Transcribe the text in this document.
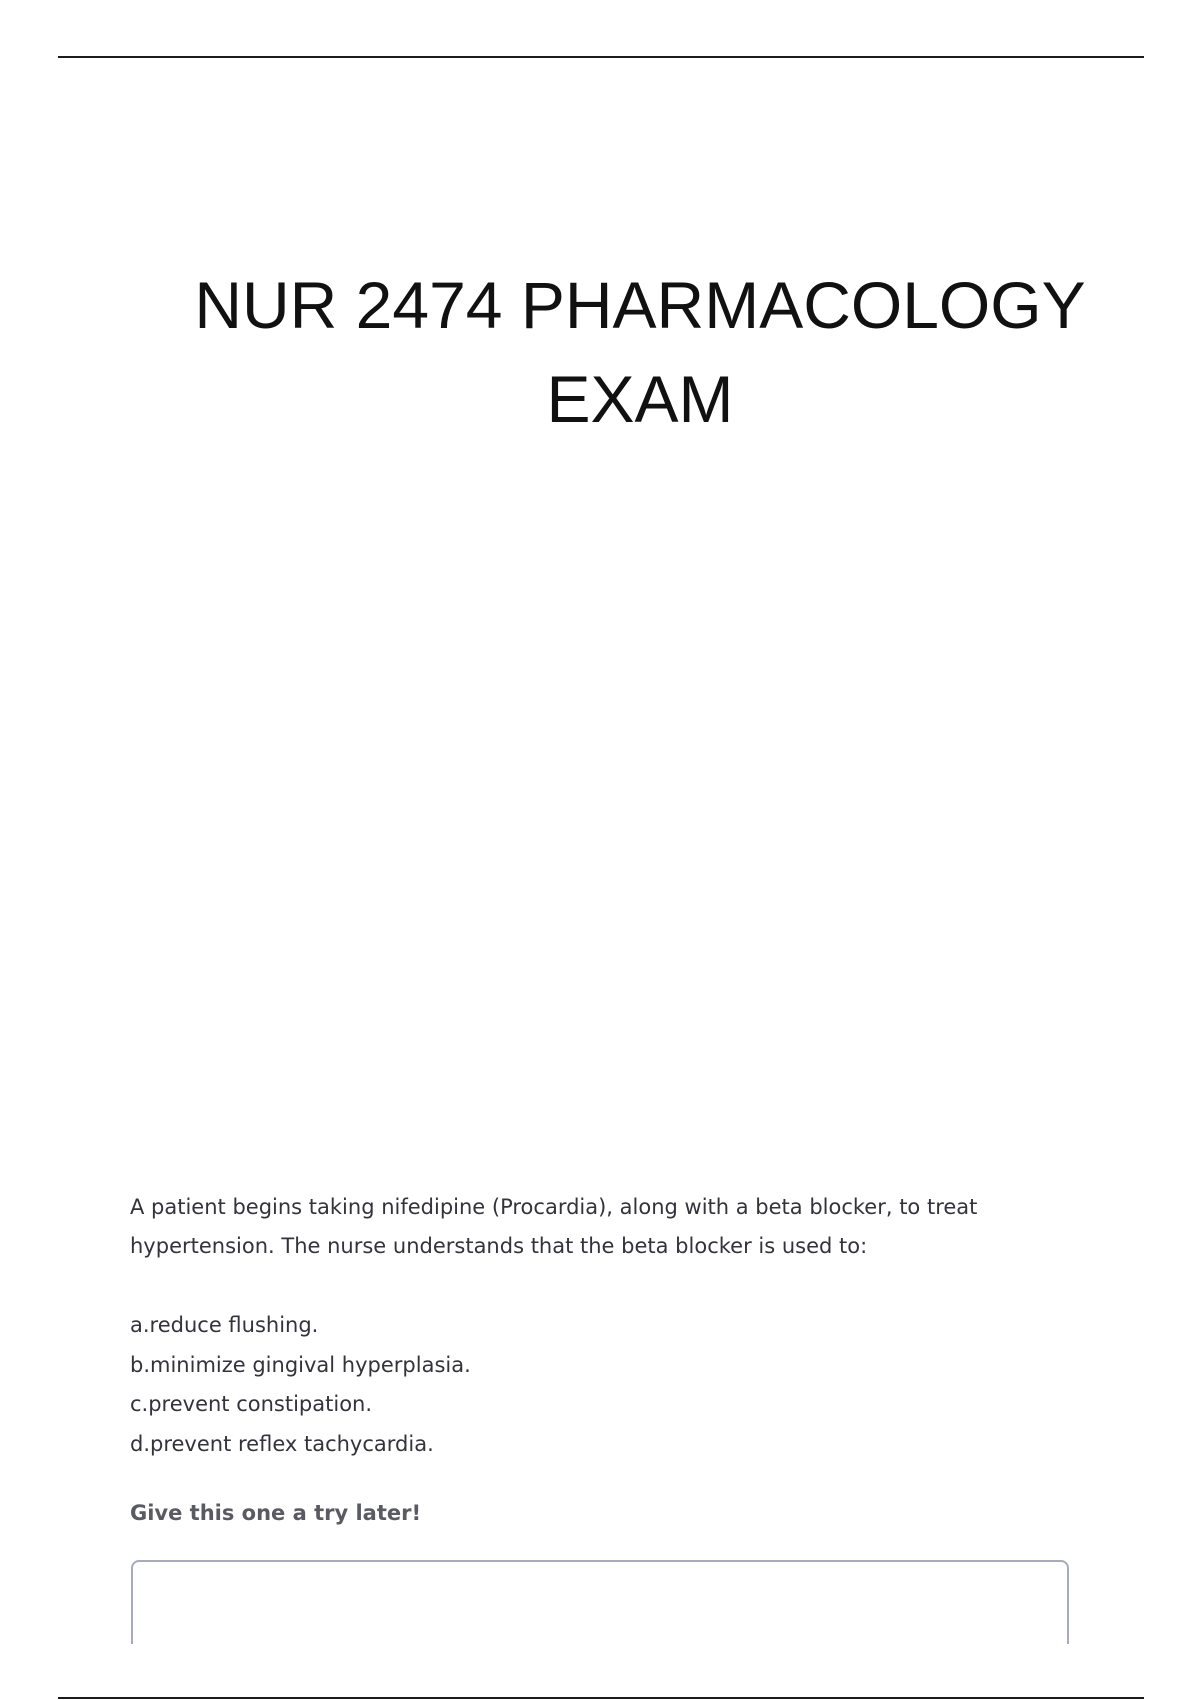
NUR 2474 PHARMACOLOGY
EXAM

A patient begins taking nifedipine (Procardia), along with a beta blocker, to treat hypertension. The nurse understands that the beta blocker is used to:

a.reduce flushing.
b.minimize gingival hyperplasia.
c.prevent constipation.
d.prevent reflex tachycardia.

Give this one a try later!
